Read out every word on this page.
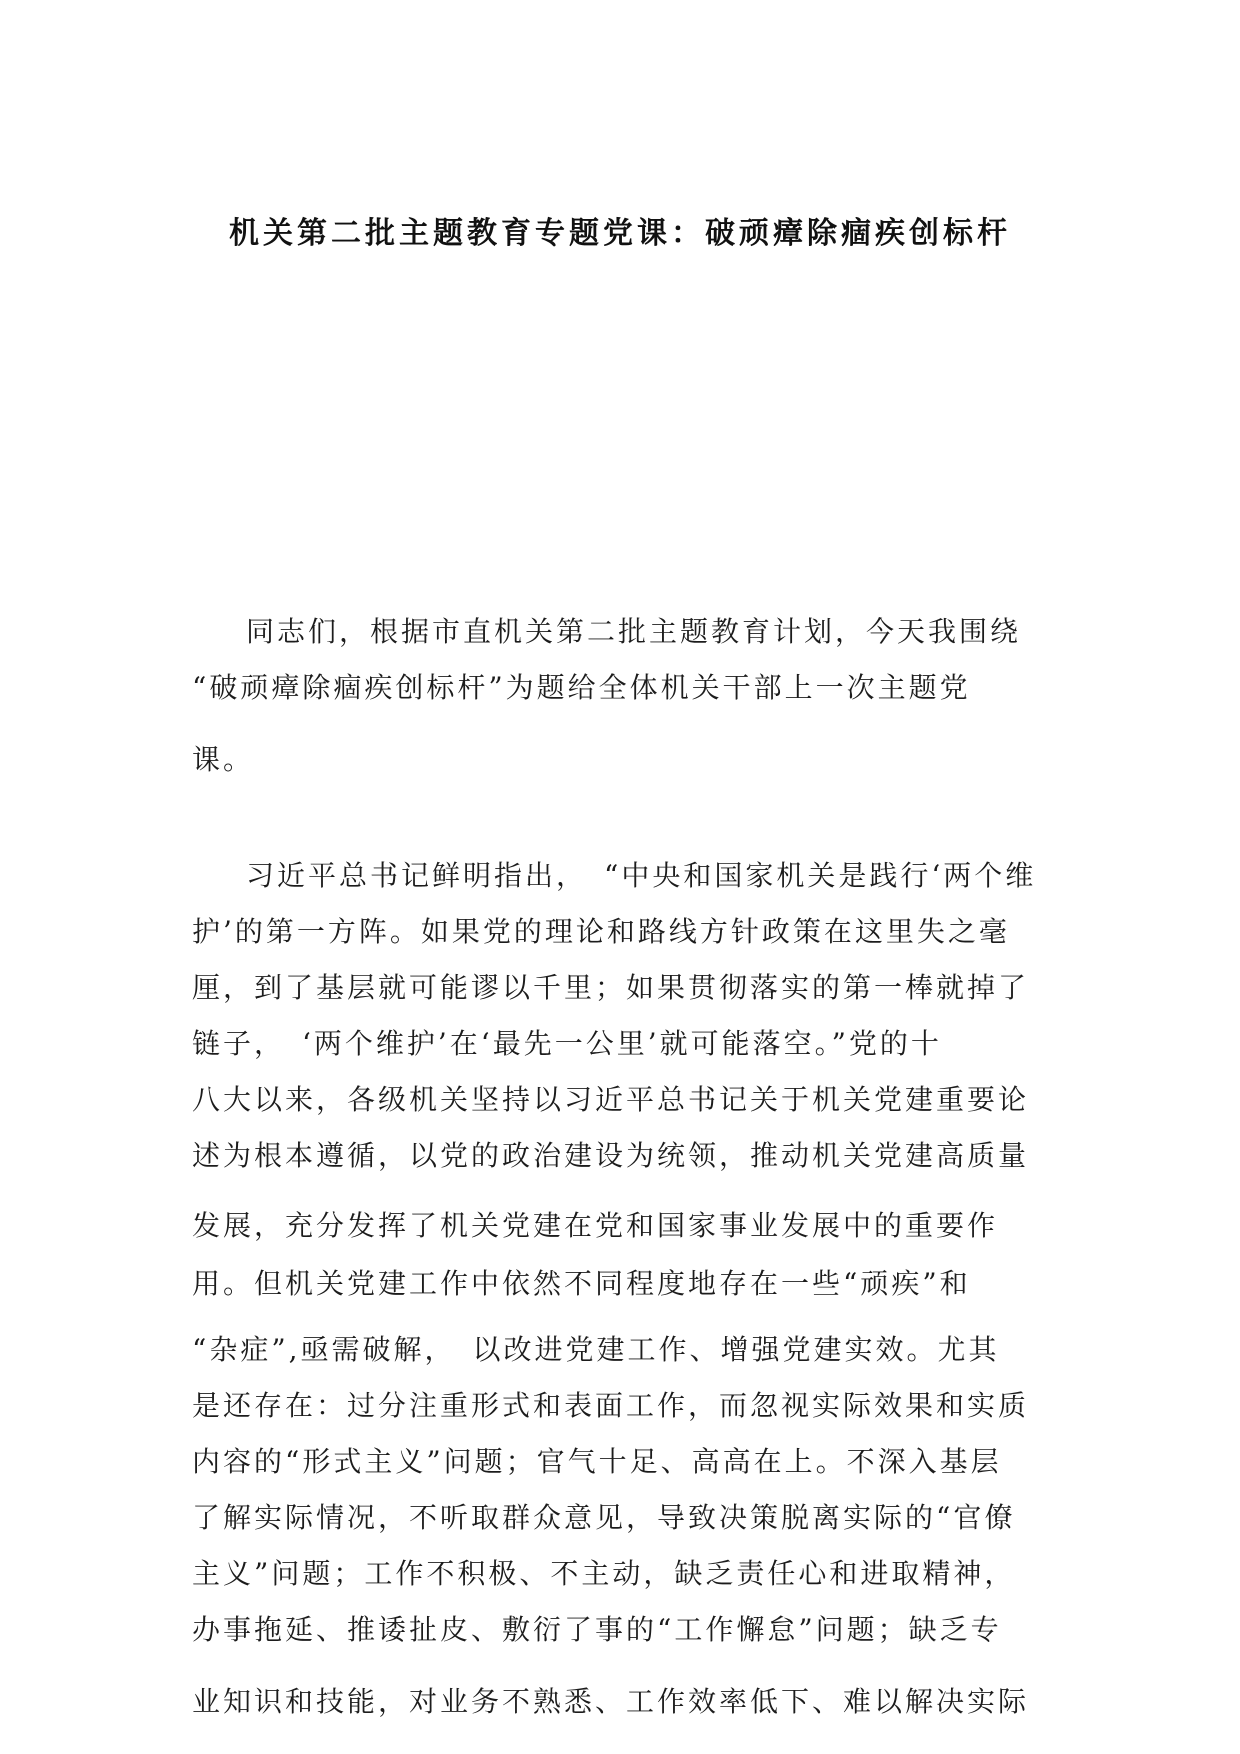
机关第二批主题教育专题党课：破顽瘴除痼疾创标杆
同志们，根据市直机关第二批主题教育计划，今天我围绕
“破顽瘴除痼疾创标杆”为题给全体机关干部上一次主题党
课。
习近平总书记鲜明指出，　“中央和国家机关是践行‘两个维
护’的第一方阵。如果党的理论和路线方针政策在这里失之毫
厘，到了基层就可能谬以千里；如果贯彻落实的第一棒就掉了
链子，　‘两个维护’在‘最先一公里’就可能落空。”党的十
八大以来，各级机关坚持以习近平总书记关于机关党建重要论
述为根本遵循，以党的政治建设为统领，推动机关党建高质量
发展，充分发挥了机关党建在党和国家事业发展中的重要作
用。但机关党建工作中依然不同程度地存在一些“顽疾”和
“杂症”,亟需破解，　以改进党建工作、增强党建实效。尤其
是还存在：过分注重形式和表面工作，而忽视实际效果和实质
内容的“形式主义”问题；官气十足、高高在上。不深入基层
了解实际情况，不听取群众意见，导致决策脱离实际的“官僚
主义”问题；工作不积极、不主动，缺乏责任心和进取精神，
办事拖延、推诿扯皮、敷衍了事的“工作懈怠”问题；缺乏专
业知识和技能，对业务不熟悉、工作效率低下、难以解决实际
